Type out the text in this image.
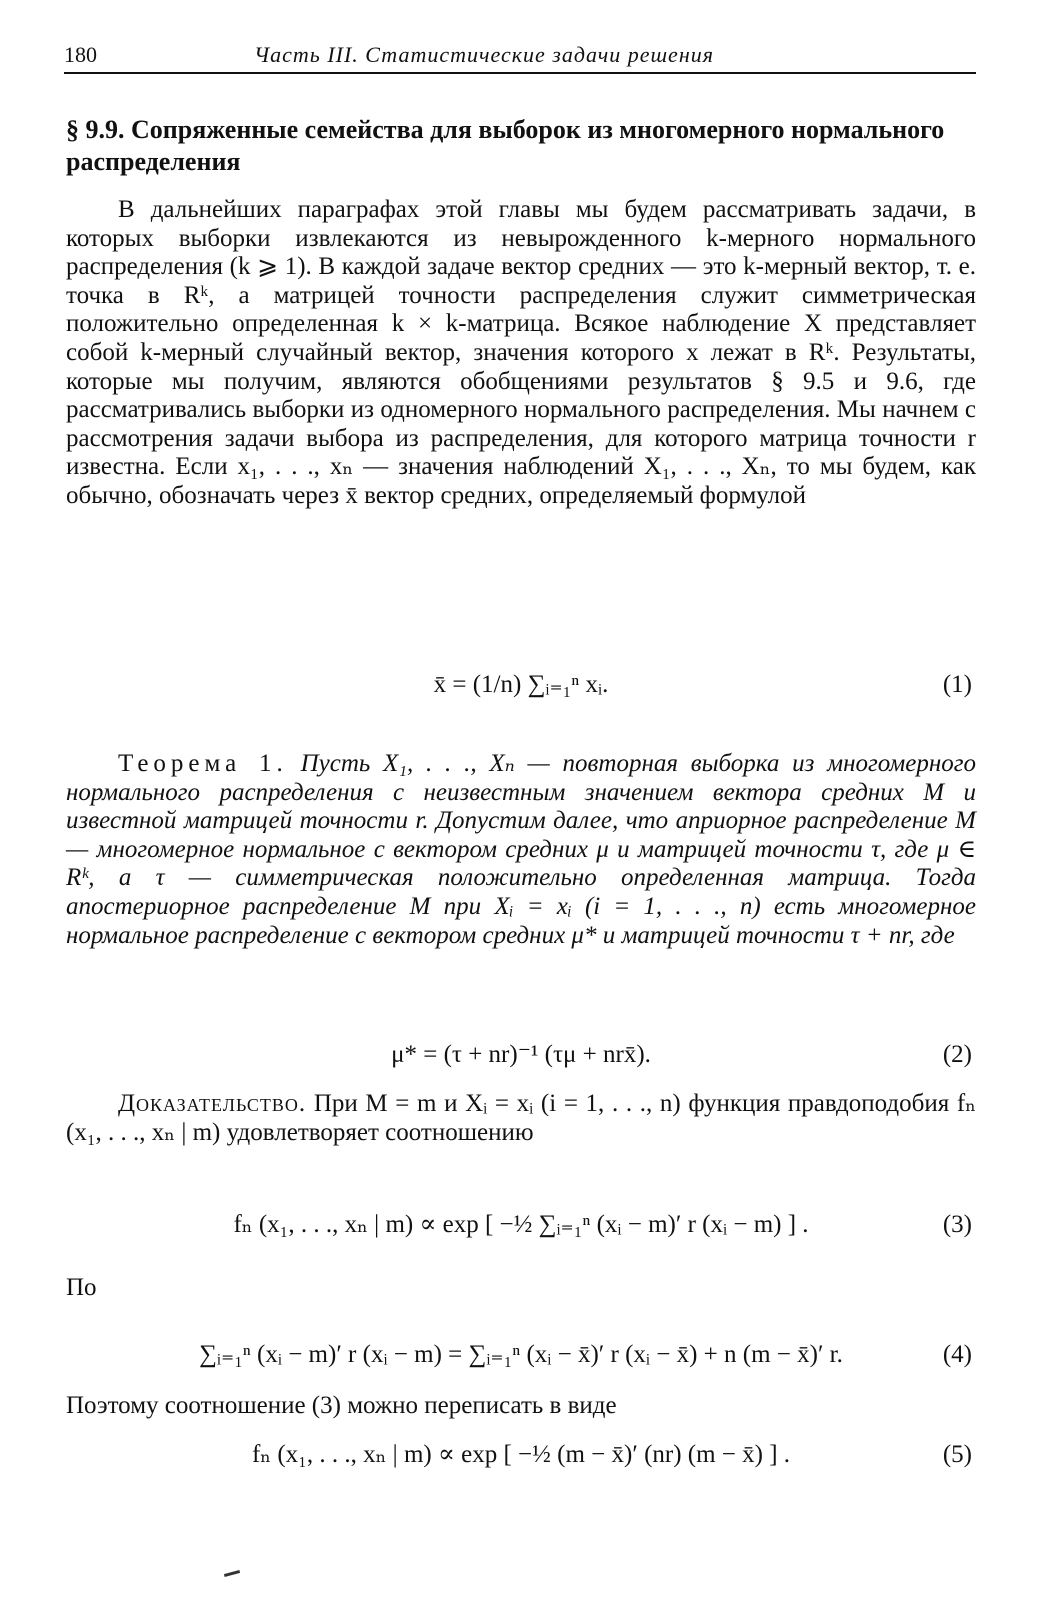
180	Часть III. Статистические задачи решения
§ 9.9. Сопряженные семейства для выборок из многомерного нормального распределения
В дальнейших параграфах этой главы мы будем рассматривать задачи, в которых выборки извлекаются из невырожденного k-мерного нормального распределения (k ⩾ 1). В каждой задаче вектор средних — это k-мерный вектор, т. е. точка в Rᵏ, а матрицей точности распределения служит симметрическая положительно определенная k × k-матрица. Всякое наблюдение X представляет собой k-мерный случайный вектор, значения которого x лежат в Rᵏ. Результаты, которые мы получим, являются обобщениями результатов § 9.5 и 9.6, где рассматривались выборки из одномерного нормального распределения. Мы начнем с рассмотрения задачи выбора из распределения, для которого матрица точности r известна. Если x₁, . . ., xₙ — значения наблюдений X₁, . . ., Xₙ, то мы будем, как обычно, обозначать через x̄ вектор средних, определяемый формулой
x̄ = (1/n) ∑ᵢ₌₁ⁿ xᵢ.	(1)
Теорема 1. Пусть X₁, . . ., Xₙ — повторная выборка из многомерного нормального распределения с неизвестным значением вектора средних M и известной матрицей точности r. Допустим далее, что априорное распределение M — многомерное нормальное с вектором средних μ и матрицей точности τ, где μ ∈ Rᵏ, а τ — симметрическая положительно определенная матрица. Тогда апостериорное распределение M при Xᵢ = xᵢ (i = 1, . . ., n) есть многомерное нормальное распределение с вектором средних μ* и матрицей точности τ + nr, где
μ* = (τ + nr)⁻¹ (τμ + nrx̄).	(2)
Доказательство. При M = m и Xᵢ = xᵢ (i = 1, . . ., n) функция правдоподобия fₙ (x₁, . . ., xₙ | m) удовлетворяет соотношению
fₙ (x₁, . . ., xₙ | m) ∝ exp [ −½ ∑ᵢ₌₁ⁿ (xᵢ − m)′ r (xᵢ − m) ] .	(3)
По
∑ᵢ₌₁ⁿ (xᵢ − m)′ r (xᵢ − m) = ∑ᵢ₌₁ⁿ (xᵢ − x̄)′ r (xᵢ − x̄) + n (m − x̄)′ r.	(4)
Поэтому соотношение (3) можно переписать в виде
fₙ (x₁, . . ., xₙ | m) ∝ exp [ −½ (m − x̄)′ (nr) (m − x̄) ] .	(5)
